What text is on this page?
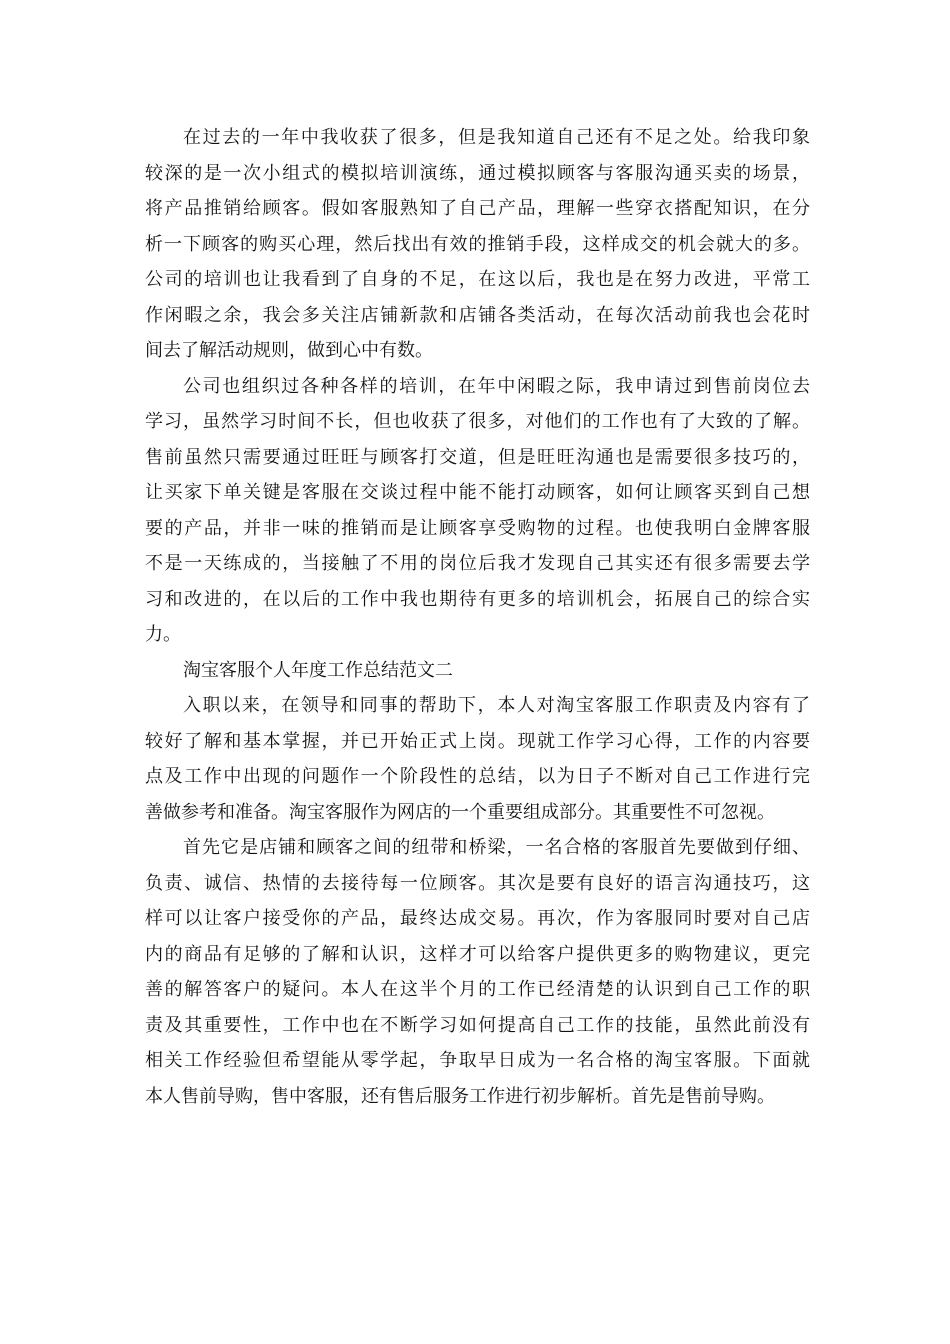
在过去的一年中我收获了很多，但是我知道自己还有不足之处。给我印象
较深的是一次小组式的模拟培训演练，通过模拟顾客与客服沟通买卖的场景，
将产品推销给顾客。假如客服熟知了自己产品，理解一些穿衣搭配知识，在分
析一下顾客的购买心理，然后找出有效的推销手段，这样成交的机会就大的多。
公司的培训也让我看到了自身的不足，在这以后，我也是在努力改进，平常工
作闲暇之余，我会多关注店铺新款和店铺各类活动，在每次活动前我也会花时
间去了解活动规则，做到心中有数。
公司也组织过各种各样的培训，在年中闲暇之际，我申请过到售前岗位去
学习，虽然学习时间不长，但也收获了很多，对他们的工作也有了大致的了解。
售前虽然只需要通过旺旺与顾客打交道，但是旺旺沟通也是需要很多技巧的，
让买家下单关键是客服在交谈过程中能不能打动顾客，如何让顾客买到自己想
要的产品，并非一味的推销而是让顾客享受购物的过程。也使我明白金牌客服
不是一天练成的，当接触了不用的岗位后我才发现自己其实还有很多需要去学
习和改进的，在以后的工作中我也期待有更多的培训机会，拓展自己的综合实
力。
淘宝客服个人年度工作总结范文二
入职以来，在领导和同事的帮助下，本人对淘宝客服工作职责及内容有了
较好了解和基本掌握，并已开始正式上岗。现就工作学习心得，工作的内容要
点及工作中出现的问题作一个阶段性的总结，以为日子不断对自己工作进行完
善做参考和准备。淘宝客服作为网店的一个重要组成部分。其重要性不可忽视。
首先它是店铺和顾客之间的纽带和桥梁，一名合格的客服首先要做到仔细、
负责、诚信、热情的去接待每一位顾客。其次是要有良好的语言沟通技巧，这
样可以让客户接受你的产品，最终达成交易。再次，作为客服同时要对自己店
内的商品有足够的了解和认识，这样才可以给客户提供更多的购物建议，更完
善的解答客户的疑问。本人在这半个月的工作已经清楚的认识到自己工作的职
责及其重要性，工作中也在不断学习如何提高自己工作的技能，虽然此前没有
相关工作经验但希望能从零学起，争取早日成为一名合格的淘宝客服。下面就
本人售前导购，售中客服，还有售后服务工作进行初步解析。首先是售前导购。
